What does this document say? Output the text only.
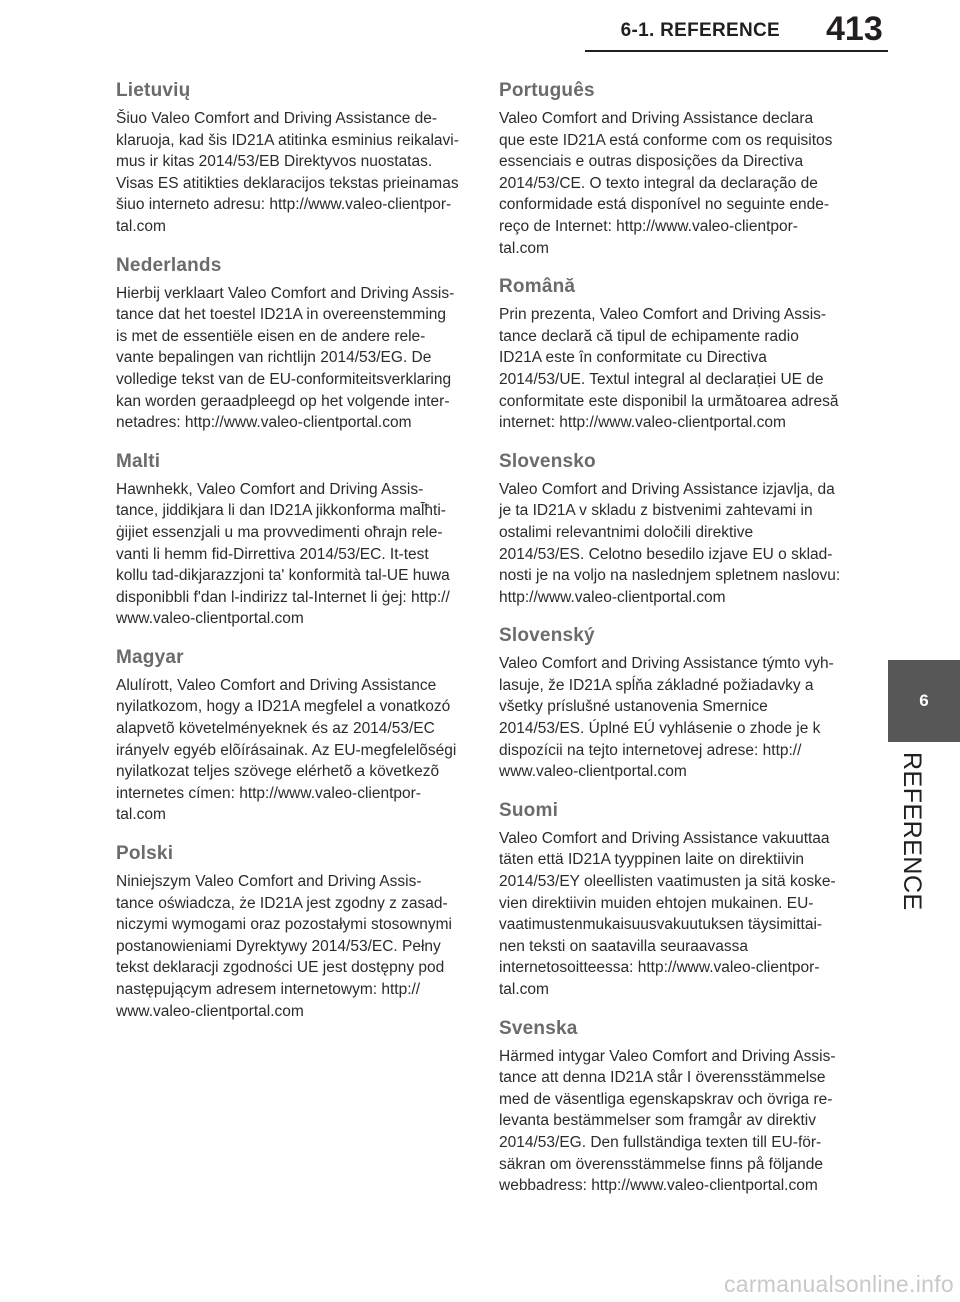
6-1. REFERENCE 413
6
REFERENCE
Lietuvių

Šiuo Valeo Comfort and Driving Assistance de-
klaruoja, kad šis ID21A atitinka esminius reikalavi-
mus ir kitas 2014/53/EB Direktyvos nuostatas.
Visas ES atitikties deklaracijos tekstas prieinamas
šiuo interneto adresu: http://www.valeo-clientpor-
tal.com

Nederlands

Hierbij verklaart Valeo Comfort and Driving Assis-
tance dat het toestel ID21A in overeenstemming
is met de essentiële eisen en de andere rele-
vante bepalingen van richtlijn 2014/53/EG. De
volledige tekst van de EU-conformiteitsverklaring
kan worden geraadpleegd op het volgende inter-
netadres: http://www.valeo-clientportal.com

Malti

Hawnhekk, Valeo Comfort and Driving Assis-
tance, jiddikjara li dan ID21A jikkonforma mal̄ħti-
ġijiet essenzjali u ma provvedimenti oħrajn rele-
vanti li hemm fid-Dirrettiva 2014/53/EC. It-test
kollu tad-dikjarazzjoni ta' konformità tal-UE huwa
disponibbli f'dan l-indirizz tal-Internet li ġej: http://
www.valeo-clientportal.com

Magyar

Alulírott, Valeo Comfort and Driving Assistance
nyilatkozom, hogy a ID21A megfelel a vonatkozó
alapvetõ követelményeknek és az 2014/53/EC
irányelv egyéb elõírásainak. Az EU-megfelelõségi
nyilatkozat teljes szövege elérhetõ a következõ
internetes címen: http://www.valeo-clientpor-
tal.com

Polski

Niniejszym Valeo Comfort and Driving Assis-
tance oświadcza, że ID21A jest zgodny z zasad-
niczymi wymogami oraz pozostałymi stosownymi
postanowieniami Dyrektywy 2014/53/EC. Pełny
tekst deklaracji zgodności UE jest dostępny pod
następującym adresem internetowym: http://
www.valeo-clientportal.com

Português

Valeo Comfort and Driving Assistance declara
que este ID21A está conforme com os requisitos
essenciais e outras disposições da Directiva
2014/53/CE. O texto integral da declaração de
conformidade está disponível no seguinte ende-
reço de Internet: http://www.valeo-clientpor-
tal.com

Română

Prin prezenta, Valeo Comfort and Driving Assis-
tance declară că tipul de echipamente radio
ID21A este în conformitate cu Directiva
2014/53/UE. Textul integral al declarației UE de
conformitate este disponibil la următoarea adresă
internet: http://www.valeo-clientportal.com

Slovensko

Valeo Comfort and Driving Assistance izjavlja, da
je ta ID21A v skladu z bistvenimi zahtevami in
ostalimi relevantnimi določili direktive
2014/53/ES. Celotno besedilo izjave EU o sklad-
nosti je na voljo na naslednjem spletnem naslovu:
http://www.valeo-clientportal.com

Slovenský

Valeo Comfort and Driving Assistance týmto vyh-
lasuje, že ID21A spĺňa základné požiadavky a
všetky príslušné ustanovenia Smernice
2014/53/ES. Úplné EÚ vyhlásenie o zhode je k
dispozícii na tejto internetovej adrese: http://
www.valeo-clientportal.com

Suomi

Valeo Comfort and Driving Assistance vakuuttaa
täten että ID21A tyyppinen laite on direktiivin
2014/53/EY oleellisten vaatimusten ja sitä koske-
vien direktiivin muiden ehtojen mukainen. EU-
vaatimustenmukaisuusvakuutuksen täysimittai-
nen teksti on saatavilla seuraavassa
internetosoitteessa: http://www.valeo-clientpor-
tal.com

Svenska

Härmed intygar Valeo Comfort and Driving Assis-
tance att denna ID21A står I överensstämmelse
med de väsentliga egenskapskrav och övriga re-
levanta bestämmelser som framgår av direktiv
2014/53/EG. Den fullständiga texten till EU-för-
säkran om överensstämmelse finns på följande
webbadress: http://www.valeo-clientportal.com

carmanualsonline.info
